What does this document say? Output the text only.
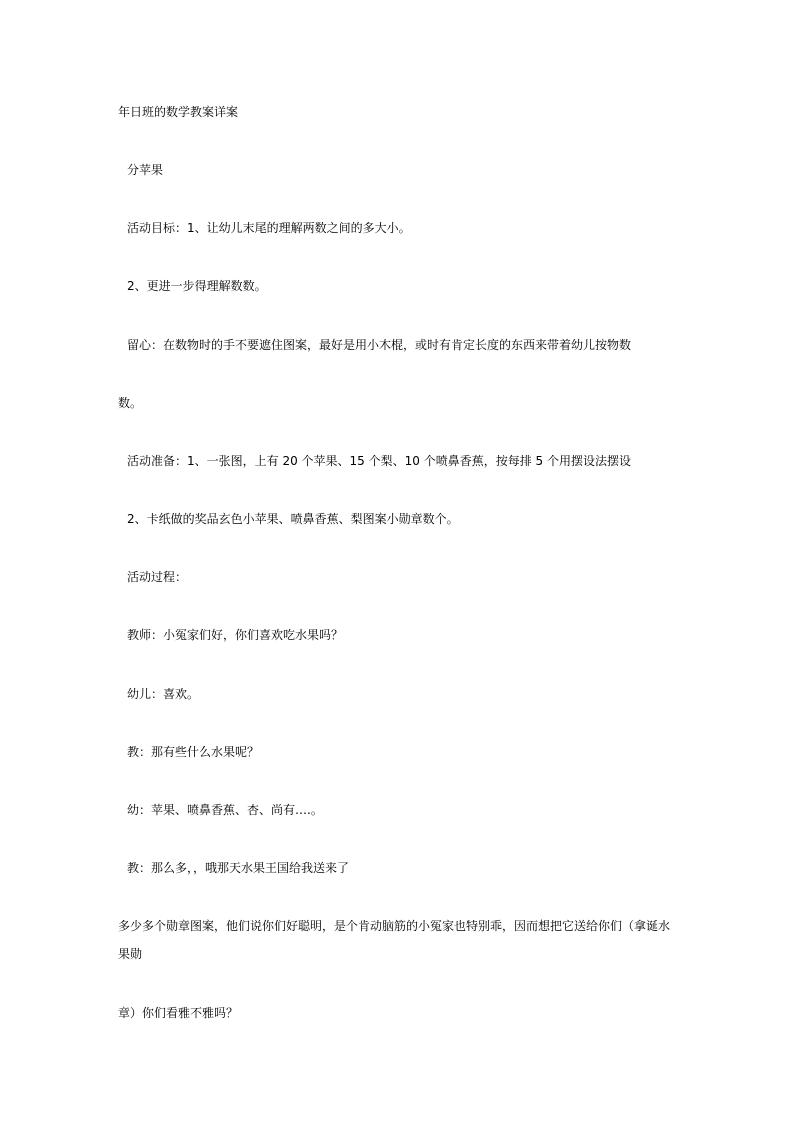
年日班的数学教案详案
分苹果
活动目标：1、让幼儿末尾的理解两数之间的多大小。
2、更进一步得理解数数。
留心：在数物时的手不要遮住图案，最好是用小木棍，或时有肯定长度的东西来带着幼儿按物数
数。
活动准备：1、一张图，上有 20 个苹果、15 个梨、10 个喷鼻香蕉，按每排 5 个用摆设法摆设
2、卡纸做的奖品玄色小苹果、喷鼻香蕉、梨图案小勋章数个。
活动过程：
教师：小冤家们好，你们喜欢吃水果吗？
幼儿：喜欢。
教：那有些什么水果呢？
幼：苹果、喷鼻香蕉、杏、尚有….。
教：那么多，，哦那天水果王国给我送来了
多少多个勋章图案，他们说你们好聪明，是个肯动脑筋的小冤家也特别乖，因而想把它送给你们（拿诞水
果勋
章）你们看雅不雅吗？
